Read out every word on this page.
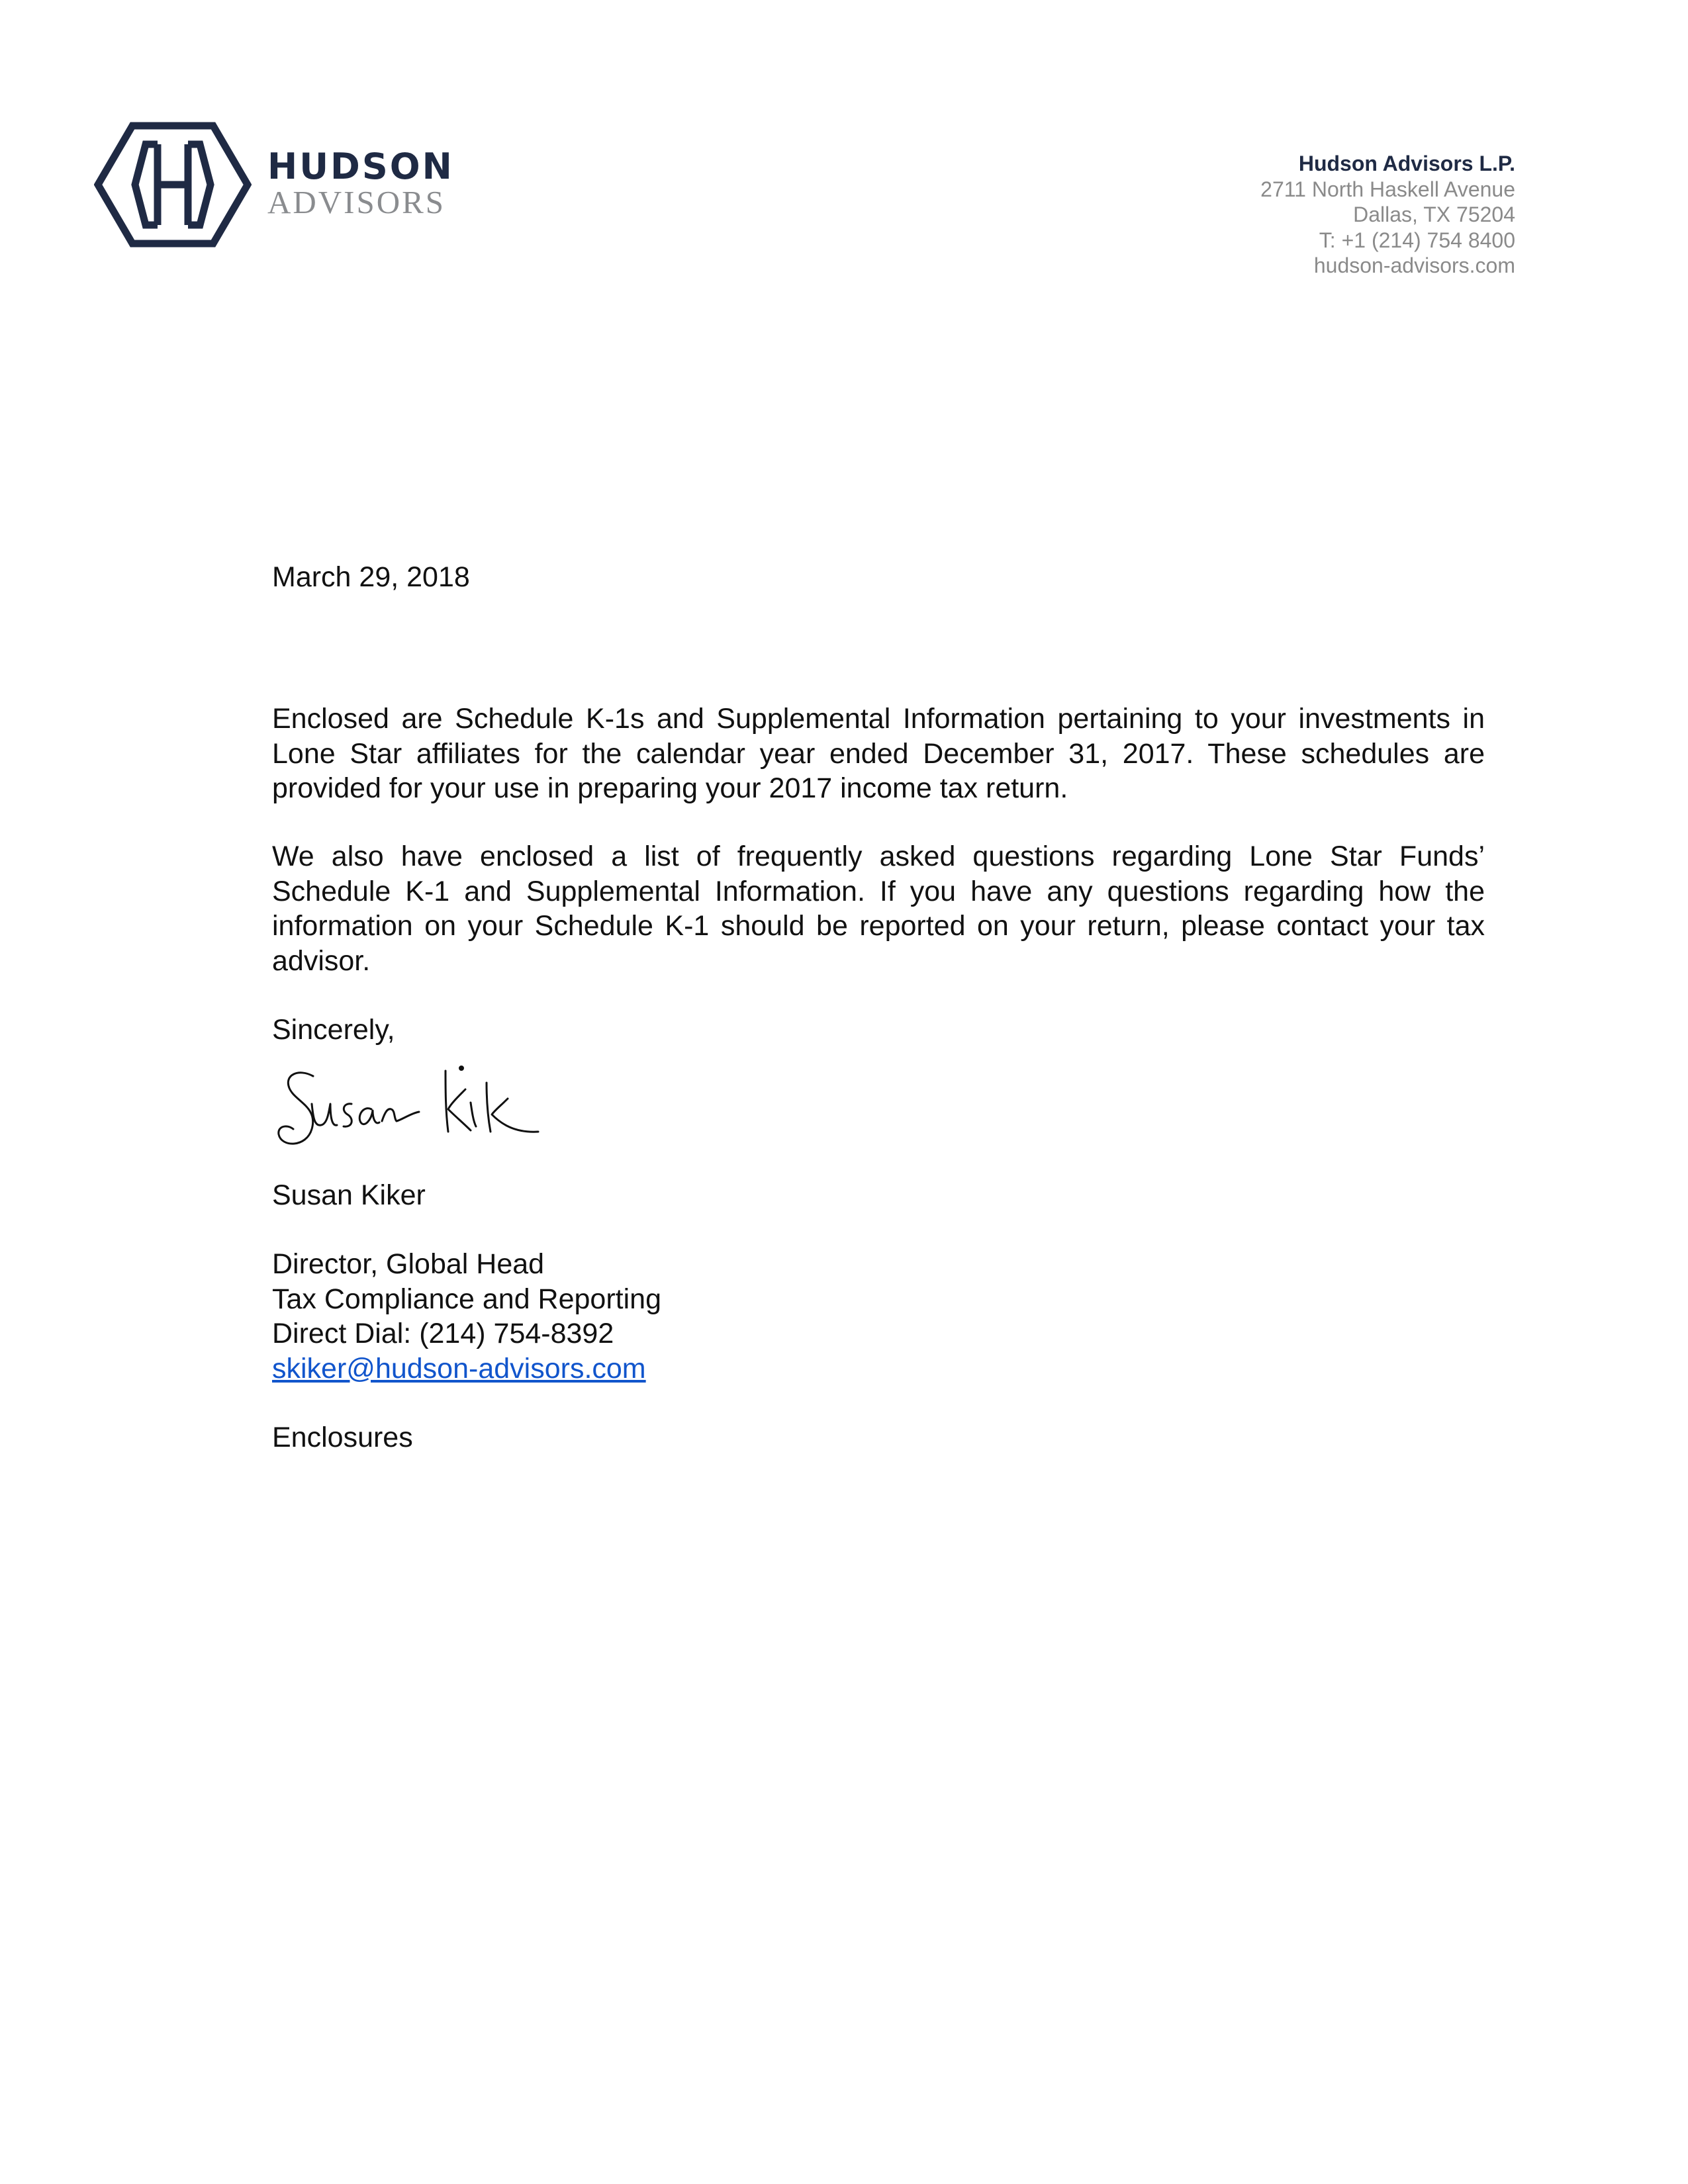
HUDSON
ADVISORS
Hudson Advisors L.P.
2711 North Haskell Avenue
Dallas, TX 75204
T: +1 (214) 754 8400
hudson-advisors.com
March 29, 2018
Enclosed are Schedule K-1s and Supplemental Information pertaining to your investments in Lone Star affiliates for the calendar year ended December 31, 2017. These schedules are provided for your use in preparing your 2017 income tax return.
We also have enclosed a list of frequently asked questions regarding Lone Star Funds’ Schedule K-1 and Supplemental Information. If you have any questions regarding how the information on your Schedule K-1 should be reported on your return, please contact your tax advisor.
Sincerely,
Susan Kiker
Director, Global Head
Tax Compliance and Reporting
Direct Dial: (214) 754-8392
skiker@hudson-advisors.com
Enclosures
